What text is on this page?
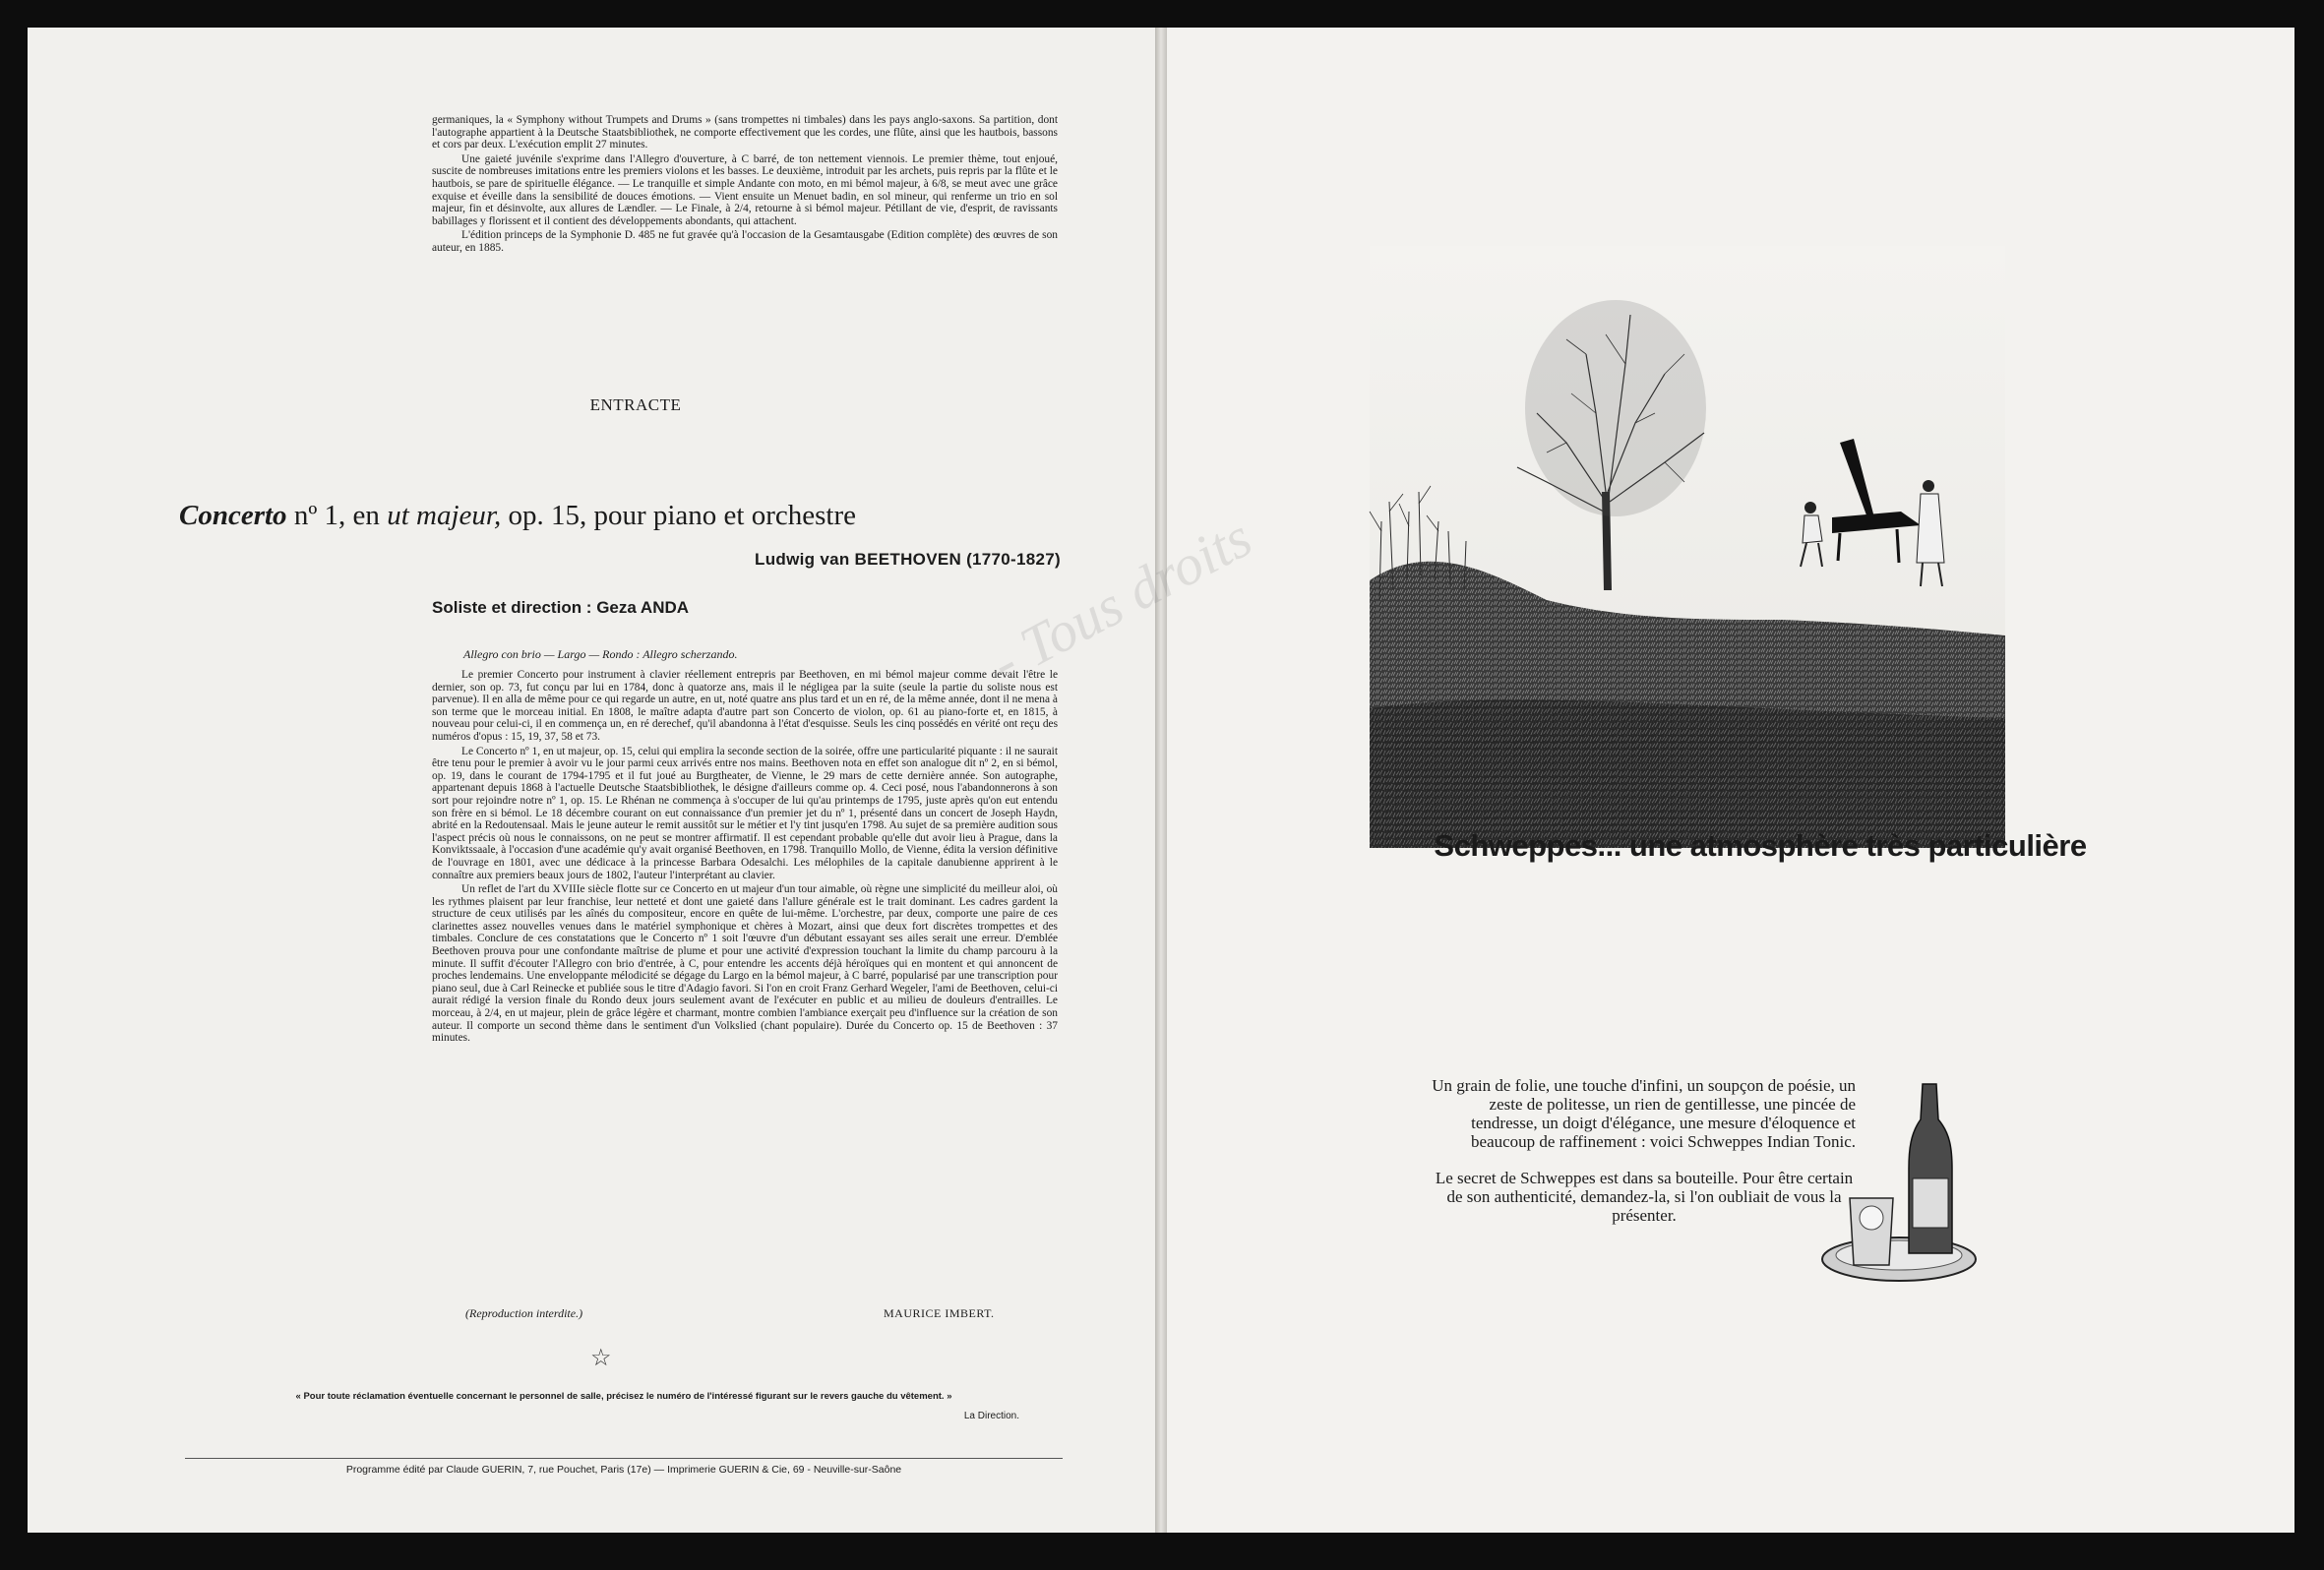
germaniques, la « Symphony without Trumpets and Drums » (sans trompettes ni timbales) dans les pays anglo-saxons. Sa partition, dont l'autographe appartient à la Deutsche Staatsbibliothek, ne comporte effectivement que les cordes, une flûte, ainsi que les hautbois, bassons et cors par deux. L'exécution emplit 27 minutes.

Une gaieté juvénile s'exprime dans l'Allegro d'ouverture, à C barré, de ton nettement viennois. Le premier thème, tout enjoué, suscite de nombreuses imitations entre les premiers violons et les basses. Le deuxième, introduit par les archets, puis repris par la flûte et le hautbois, se pare de spirituelle élégance. — Le tranquille et simple Andante con moto, en mi bémol majeur, à 6/8, se meut avec une grâce exquise et éveille dans la sensibilité de douces émotions. — Vient ensuite un Menuet badin, en sol mineur, qui renferme un trio en sol majeur, fin et désinvolte, aux allures de Lændler. — Le Finale, à 2/4, retourne à si bémol majeur. Pétillant de vie, d'esprit, de ravissants babillages y florissent et il contient des développements abondants, qui attachent.

L'édition princeps de la Symphonie D. 485 ne fut gravée qu'à l'occasion de la Gesamtausgabe (Edition complète) des œuvres de son auteur, en 1885.

ENTRACTE
Concerto nº 1, en ut majeur, op. 15, pour piano et orchestre
Ludwig van BEETHOVEN (1770-1827)
Soliste et direction : Geza ANDA
Allegro con brio — Largo — Rondo : Allegro scherzando.

Le premier Concerto pour instrument à clavier réellement entrepris par Beethoven, en mi bémol majeur comme devait l'être le dernier, son op. 73, fut conçu par lui en 1784, donc à quatorze ans, mais il le négligea par la suite (seule la partie du soliste nous est parvenue). Il en alla de même pour ce qui regarde un autre, en ut, noté quatre ans plus tard et un en ré, de la même année, dont il ne mena à son terme que le morceau initial. En 1808, le maître adapta d'autre part son Concerto de violon, op. 61 au piano-forte et, en 1815, à nouveau pour celui-ci, il en commença un, en ré derechef, qu'il abandonna à l'état d'esquisse. Seuls les cinq possédés en vérité ont reçu des numéros d'opus : 15, 19, 37, 58 et 73.

Le Concerto nº 1, en ut majeur, op. 15, celui qui emplira la seconde section de la soirée, offre une particularité piquante : il ne saurait être tenu pour le premier à avoir vu le jour parmi ceux arrivés entre nos mains. Beethoven nota en effet son analogue dit nº 2, en si bémol, op. 19, dans le courant de 1794-1795 et il fut joué au Burgtheater, de Vienne, le 29 mars de cette dernière année. Son autographe, appartenant depuis 1868 à l'actuelle Deutsche Staatsbibliothek, le désigne d'ailleurs comme op. 4. Ceci posé, nous l'abandonnerons à son sort pour rejoindre notre nº 1, op. 15. Le Rhénan ne commença à s'occuper de lui qu'au printemps de 1795, juste après qu'on eut entendu son frère en si bémol. Le 18 décembre courant on eut connaissance d'un premier jet du nº 1, présenté dans un concert de Joseph Haydn, abrité en la Redoutensaal. Mais le jeune auteur le remit aussitôt sur le métier et l'y tint jusqu'en 1798. Au sujet de sa première audition sous l'aspect précis où nous le connaissons, on ne peut se montrer affirmatif. Il est cependant probable qu'elle dut avoir lieu à Prague, dans la Konviktssaale, à l'occasion d'une académie qu'y avait organisé Beethoven, en 1798. Tranquillo Mollo, de Vienne, édita la version définitive de l'ouvrage en 1801, avec une dédicace à la princesse Barbara Odesalchi. Les mélophiles de la capitale danubienne apprirent à le connaître aux premiers beaux jours de 1802, l'auteur l'interprétant au clavier.

Un reflet de l'art du XVIIIe siècle flotte sur ce Concerto en ut majeur d'un tour aimable, où règne une simplicité du meilleur aloi, où les rythmes plaisent par leur franchise, leur netteté et dont une gaieté dans l'allure générale est le trait dominant. Les cadres gardent la structure de ceux utilisés par les aînés du compositeur, encore en quête de lui-même. L'orchestre, par deux, comporte une paire de ces clarinettes assez nouvelles venues dans le matériel symphonique et chères à Mozart, ainsi que deux fort discrètes trompettes et des timbales. Conclure de ces constatations que le Concerto nº 1 soit l'œuvre d'un débutant essayant ses ailes serait une erreur. D'emblée Beethoven prouva pour une confondante maîtrise de plume et pour une activité d'expression touchant la limite du champ parcouru à la minute. Il suffit d'écouter l'Allegro con brio d'entrée, à C, pour entendre les accents déjà héroïques qui en montent et qui annoncent de proches lendemains. Une enveloppante mélodicité se dégage du Largo en la bémol majeur, à C barré, popularisé par une transcription pour piano seul, due à Carl Reinecke et publiée sous le titre d'Adagio favori. Si l'on en croit Franz Gerhard Wegeler, l'ami de Beethoven, celui-ci aurait rédigé la version finale du Rondo deux jours seulement avant de l'exécuter en public et au milieu de douleurs d'entrailles. Le morceau, à 2/4, en ut majeur, plein de grâce légère et charmant, montre combien l'ambiance exerçait peu d'influence sur la création de son auteur. Il comporte un second thème dans le sentiment d'un Volkslied (chant populaire). Durée du Concerto op. 15 de Beethoven : 37 minutes.

(Reproduction interdite.)	MAURICE IMBERT.
☆
« Pour toute réclamation éventuelle concernant le personnel de salle, précisez le numéro de l'intéressé figurant sur le revers gauche du vêtement. »
La Direction.
Programme édité par Claude GUERIN, 7, rue Pouchet, Paris (17e) — Imprimerie GUERIN & Cie, 69 - Neuville-sur-Saône
- Tous droits
Schweppes... une atmosphère très particulière

Un grain de folie, une touche d'infini, un soupçon de poésie, un zeste de politesse, un rien de gentillesse, une pincée de tendresse, un doigt d'élégance, une mesure d'éloquence et beaucoup de raffinement : voici Schweppes Indian Tonic.

Le secret de Schweppes est dans sa bouteille. Pour être certain de son authenticité, demandez-la, si l'on oubliait de vous la présenter.
